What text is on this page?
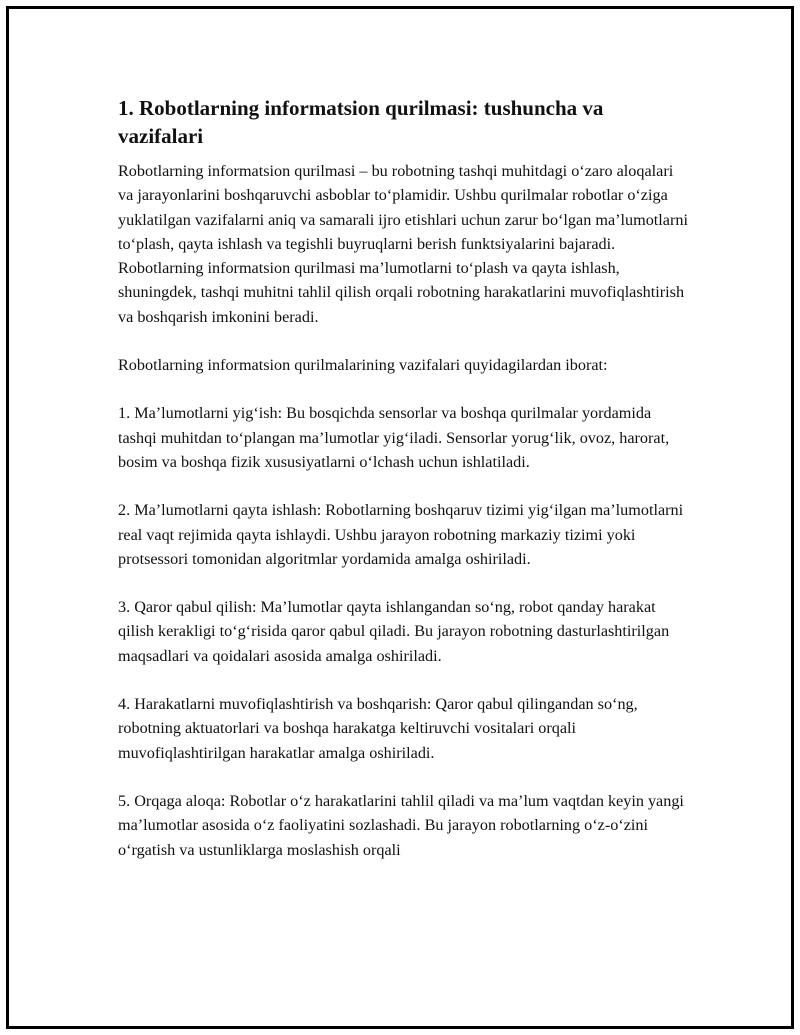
1. Robotlarning informatsion qurilmasi: tushuncha va vazifalari

Robotlarning informatsion qurilmasi – bu robotning tashqi muhitdagi o‘zaro aloqalari va jarayonlarini boshqaruvchi asboblar to‘plamidir. Ushbu qurilmalar robotlar o‘ziga yuklatilgan vazifalarni aniq va samarali ijro etishlari uchun zarur bo‘lgan ma’lumotlarni to‘plash, qayta ishlash va tegishli buyruqlarni berish funktsiyalarini bajaradi. Robotlarning informatsion qurilmasi ma’lumotlarni to‘plash va qayta ishlash, shuningdek, tashqi muhitni tahlil qilish orqali robotning harakatlarini muvofiqlashtirish va boshqarish imkonini beradi.

Robotlarning informatsion qurilmalarining vazifalari quyidagilardan iborat:

1. Ma’lumotlarni yig‘ish: Bu bosqichda sensorlar va boshqa qurilmalar yordamida tashqi muhitdan to‘plangan ma’lumotlar yig‘iladi. Sensorlar yorug‘lik, ovoz, harorat, bosim va boshqa fizik xususiyatlarni o‘lchash uchun ishlatiladi.

2. Ma’lumotlarni qayta ishlash: Robotlarning boshqaruv tizimi yig‘ilgan ma’lumotlarni real vaqt rejimida qayta ishlaydi. Ushbu jarayon robotning markaziy tizimi yoki protsessori tomonidan algoritmlar yordamida amalga oshiriladi.

3. Qaror qabul qilish: Ma’lumotlar qayta ishlangandan so‘ng, robot qanday harakat qilish kerakligi to‘g‘risida qaror qabul qiladi. Bu jarayon robotning dasturlashtirilgan maqsadlari va qoidalari asosida amalga oshiriladi.

4. Harakatlarni muvofiqlashtirish va boshqarish: Qaror qabul qilingandan so‘ng, robotning aktuatorlari va boshqa harakatga keltiruvchi vositalari orqali muvofiqlashtirilgan harakatlar amalga oshiriladi.

5. Orqaga aloqa: Robotlar o‘z harakatlarini tahlil qiladi va ma’lum vaqtdan keyin yangi ma’lumotlar asosida o‘z faoliyatini sozlashadi. Bu jarayon robotlarning o‘z-o‘zini o‘rgatish va ustunliklarga moslashish orqali
